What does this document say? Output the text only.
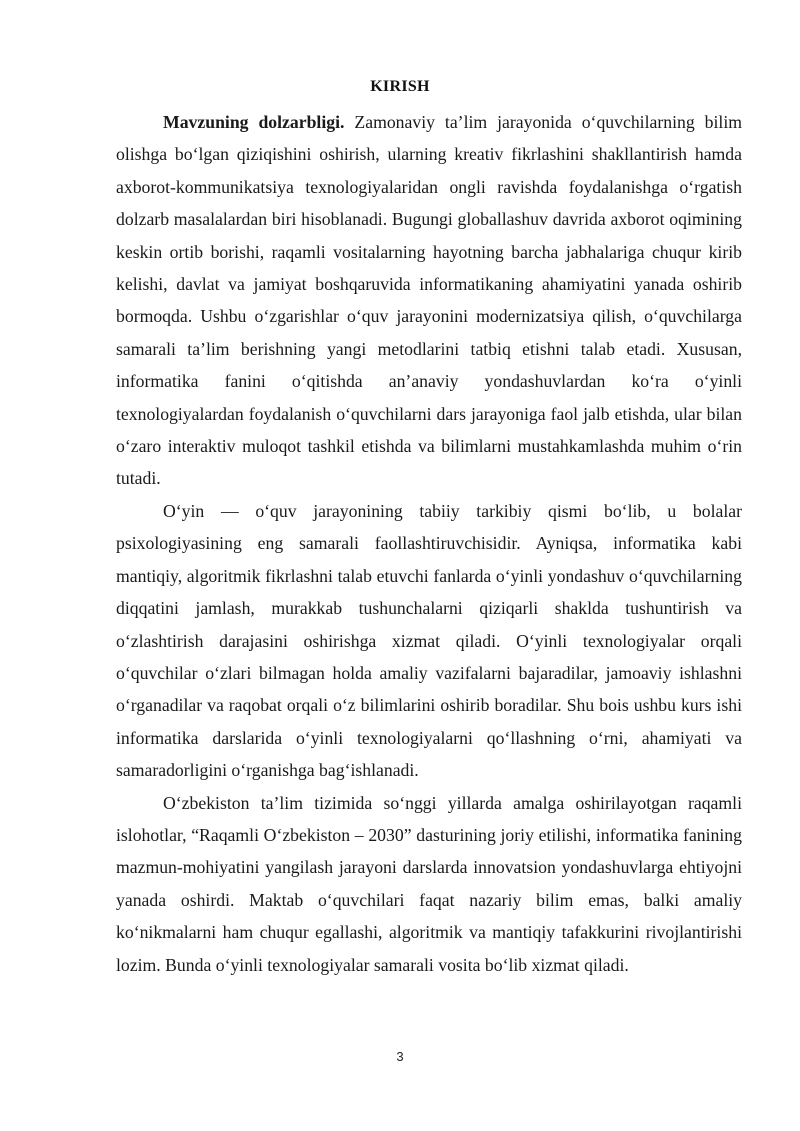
KIRISH

Mavzuning dolzarbligi. Zamonaviy ta’lim jarayonida o‘quvchilarning bilim olishga bo‘lgan qiziqishini oshirish, ularning kreativ fikrlashini shakllantirish hamda axborot-kommunikatsiya texnologiyalaridan ongli ravishda foydalanishga o‘rgatish dolzarb masalalardan biri hisoblanadi. Bugungi globallashuv davrida axborot oqimining keskin ortib borishi, raqamli vositalarning hayotning barcha jabhalariga chuqur kirib kelishi, davlat va jamiyat boshqaruvida informatikaning ahamiyatini yanada oshirib bormoqda. Ushbu o‘zgarishlar o‘quv jarayonini modernizatsiya qilish, o‘quvchilarga samarali ta’lim berishning yangi metodlarini tatbiq etishni talab etadi. Xususan, informatika fanini o‘qitishda an’anaviy yondashuvlardan ko‘ra o‘yinli texnologiyalardan foydalanish o‘quvchilarni dars jarayoniga faol jalb etishda, ular bilan o‘zaro interaktiv muloqot tashkil etishda va bilimlarni mustahkamlashda muhim o‘rin tutadi.

O‘yin — o‘quv jarayonining tabiiy tarkibiy qismi bo‘lib, u bolalar psixologiyasining eng samarali faollashtiruvchisidir. Ayniqsa, informatika kabi mantiqiy, algoritmik fikrlashni talab etuvchi fanlarda o‘yinli yondashuv o‘quvchilarning diqqatini jamlash, murakkab tushunchalarni qiziqarli shaklda tushuntirish va o‘zlashtirish darajasini oshirishga xizmat qiladi. O‘yinli texnologiyalar orqali o‘quvchilar o‘zlari bilmagan holda amaliy vazifalarni bajaradilar, jamoaviy ishlashni o‘rganadilar va raqobat orqali o‘z bilimlarini oshirib boradilar. Shu bois ushbu kurs ishi informatika darslarida o‘yinli texnologiyalarni qo‘llashning o‘rni, ahamiyati va samaradorligini o‘rganishga bag‘ishlanadi.

O‘zbekiston ta’lim tizimida so‘nggi yillarda amalga oshirilayotgan raqamli islohotlar, “Raqamli O‘zbekiston – 2030” dasturining joriy etilishi, informatika fanining mazmun-mohiyatini yangilash jarayoni darslarda innovatsion yondashuvlarga ehtiyojni yanada oshirdi. Maktab o‘quvchilari faqat nazariy bilim emas, balki amaliy ko‘nikmalarni ham chuqur egallashi, algoritmik va mantiqiy tafakkurini rivojlantirishi lozim. Bunda o‘yinli texnologiyalar samarali vosita bo‘lib xizmat qiladi.

3
